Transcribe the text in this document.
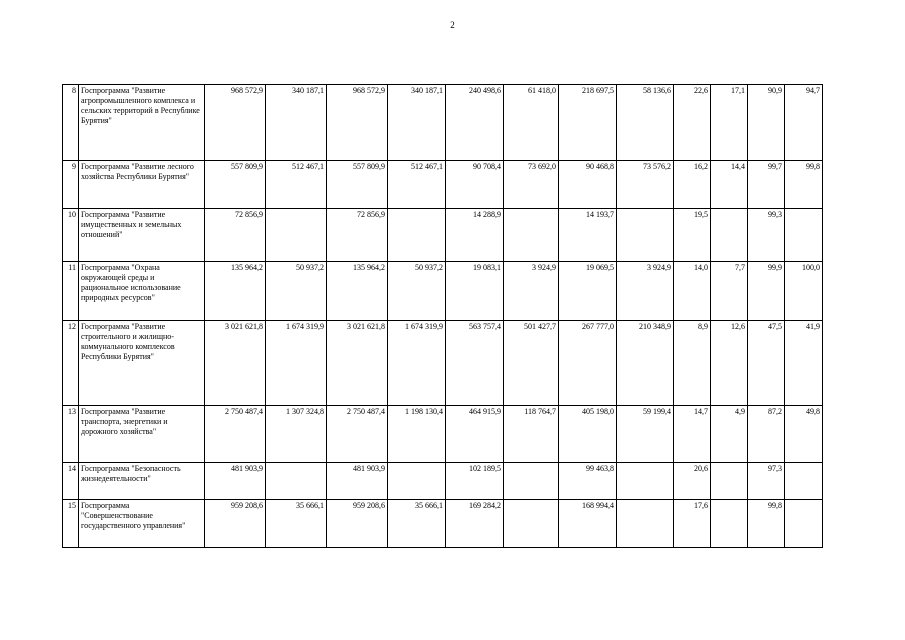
2
8	Госпрограмма "Развитие агропромышленного комплекса и сельских территорий в Республике Бурятия"	968 572,9	340 187,1	968 572,9	340 187,1	240 498,6	61 418,0	218 697,5	58 136,6	22,6	17,1	90,9	94,7
9	Госпрограмма "Развитие лесного хозяйства Республики Бурятия"	557 809,9	512 467,1	557 809,9	512 467,1	90 708,4	73 692,0	90 468,8	73 576,2	16,2	14,4	99,7	99,8
10	Госпрограмма "Развитие имущественных и земельных отношений"	72 856,9		72 856,9		14 288,9		14 193,7		19,5		99,3	
11	Госпрограмма "Охрана окружающей среды и рациональное использование природных ресурсов"	135 964,2	50 937,2	135 964,2	50 937,2	19 083,1	3 924,9	19 069,5	3 924,9	14,0	7,7	99,9	100,0
12	Госпрограмма "Развитие строительного и жилищно-коммунального комплексов Республики Бурятия"	3 021 621,8	1 674 319,9	3 021 621,8	1 674 319,9	563 757,4	501 427,7	267 777,0	210 348,9	8,9	12,6	47,5	41,9
13	Госпрограмма "Развитие транспорта, энергетики и дорожного хозяйства"	2 750 487,4	1 307 324,8	2 750 487,4	1 198 130,4	464 915,9	118 764,7	405 198,0	59 199,4	14,7	4,9	87,2	49,8
14	Госпрограмма "Безопасность жизнедеятельности"	481 903,9		481 903,9		102 189,5		99 463,8		20,6		97,3	
15	Госпрограмма "Совершенствование государственного управления"	959 208,6	35 666,1	959 208,6	35 666,1	169 284,2		168 994,4		17,6		99,8	
